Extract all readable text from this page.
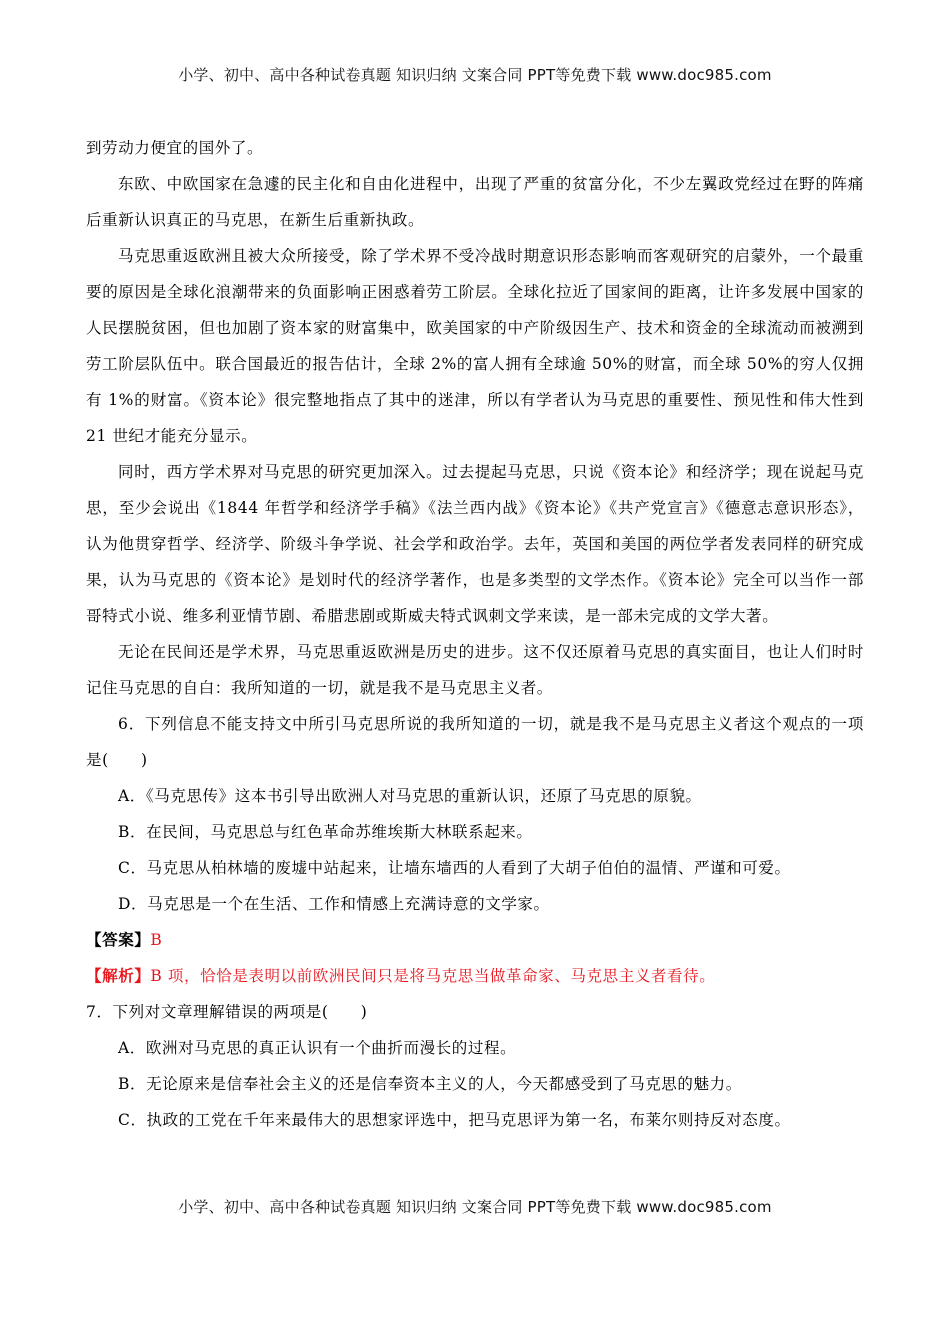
小学、初中、高中各种试卷真题 知识归纳 文案合同 PPT等免费下载 www.doc985.com

到劳动力便宜的国外了。

东欧、中欧国家在急遽的民主化和自由化进程中，出现了严重的贫富分化，不少左翼政党经过在野的阵痛后重新认识真正的马克思，在新生后重新执政。

马克思重返欧洲且被大众所接受，除了学术界不受冷战时期意识形态影响而客观研究的启蒙外，一个最重要的原因是全球化浪潮带来的负面影响正困惑着劳工阶层。全球化拉近了国家间的距离，让许多发展中国家的人民摆脱贫困，但也加剧了资本家的财富集中，欧美国家的中产阶级因生产、技术和资金的全球流动而被溯到劳工阶层队伍中。联合国最近的报告估计，全球 2%的富人拥有全球逾 50%的财富，而全球 50%的穷人仅拥有 1%的财富。《资本论》很完整地指点了其中的迷津，所以有学者认为马克思的重要性、预见性和伟大性到 21 世纪才能充分显示。

同时，西方学术界对马克思的研究更加深入。过去提起马克思，只说《资本论》和经济学；现在说起马克思，至少会说出《1844 年哲学和经济学手稿》《法兰西内战》《资本论》《共产党宣言》《德意志意识形态》，认为他贯穿哲学、经济学、阶级斗争学说、社会学和政治学。去年，英国和美国的两位学者发表同样的研究成果，认为马克思的《资本论》是划时代的经济学著作，也是多类型的文学杰作。《资本论》完全可以当作一部哥特式小说、维多利亚情节剧、希腊悲剧或斯威夫特式讽刺文学来读，是一部未完成的文学大著。

无论在民间还是学术界，马克思重返欧洲是历史的进步。这不仅还原着马克思的真实面目，也让人们时时记住马克思的自白：我所知道的一切，就是我不是马克思主义者。

6．下列信息不能支持文中所引马克思所说的我所知道的一切，就是我不是马克思主义者这个观点的一项是(　　)

A．《马克思传》这本书引导出欧洲人对马克思的重新认识，还原了马克思的原貌。

B．在民间，马克思总与红色革命苏维埃斯大林联系起来。

C．马克思从柏林墙的废墟中站起来，让墙东墙西的人看到了大胡子伯伯的温情、严谨和可爱。

D．马克思是一个在生活、工作和情感上充满诗意的文学家。

【答案】B

【解析】B 项，恰恰是表明以前欧洲民间只是将马克思当做革命家、马克思主义者看待。

7．下列对文章理解错误的两项是(　　)

A．欧洲对马克思的真正认识有一个曲折而漫长的过程。

B．无论原来是信奉社会主义的还是信奉资本主义的人，今天都感受到了马克思的魅力。

C．执政的工党在千年来最伟大的思想家评选中，把马克思评为第一名，布莱尔则持反对态度。

小学、初中、高中各种试卷真题 知识归纳 文案合同 PPT等免费下载 www.doc985.com
